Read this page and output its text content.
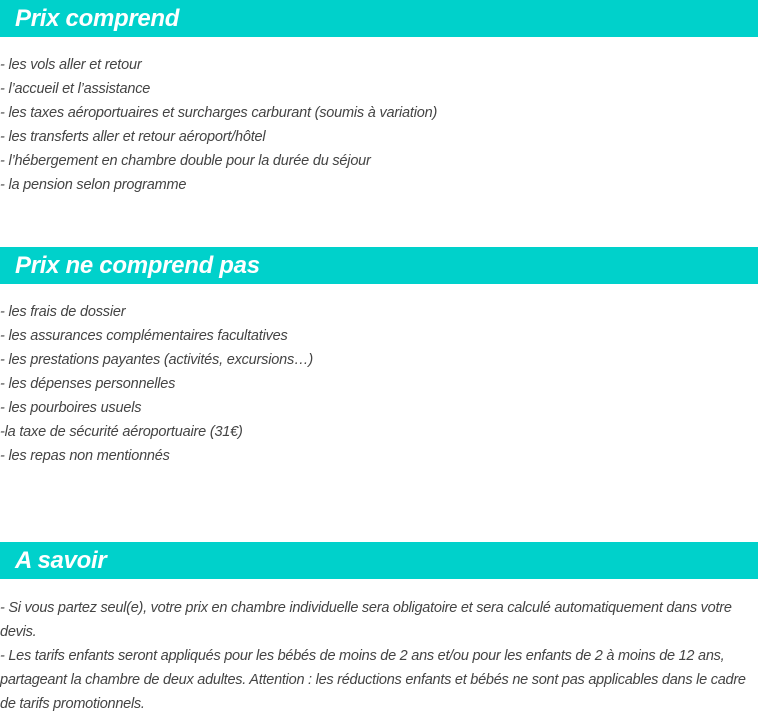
Prix comprend
- les vols aller et retour
- l’accueil et l’assistance
- les taxes aéroportuaires et surcharges carburant (soumis à variation)
- les transferts aller et retour aéroport/hôtel
- l’hébergement en chambre double pour la durée du séjour
- la pension selon programme
Prix ne comprend pas
- les frais de dossier
- les assurances complémentaires facultatives
- les prestations payantes (activités, excursions…)
- les dépenses personnelles
- les pourboires usuels
-la taxe de sécurité aéroportuaire (31€)
- les repas non mentionnés
A savoir

- Si vous partez seul(e), votre prix en chambre individuelle sera obligatoire et sera calculé automatiquement dans votre devis.

- Les tarifs enfants seront appliqués pour les bébés de moins de 2 ans et/ou pour les enfants de 2 à moins de 12 ans, partageant la chambre de deux adultes. Attention : les réductions enfants et bébés ne sont pas applicables dans le cadre de tarifs promotionnels.
